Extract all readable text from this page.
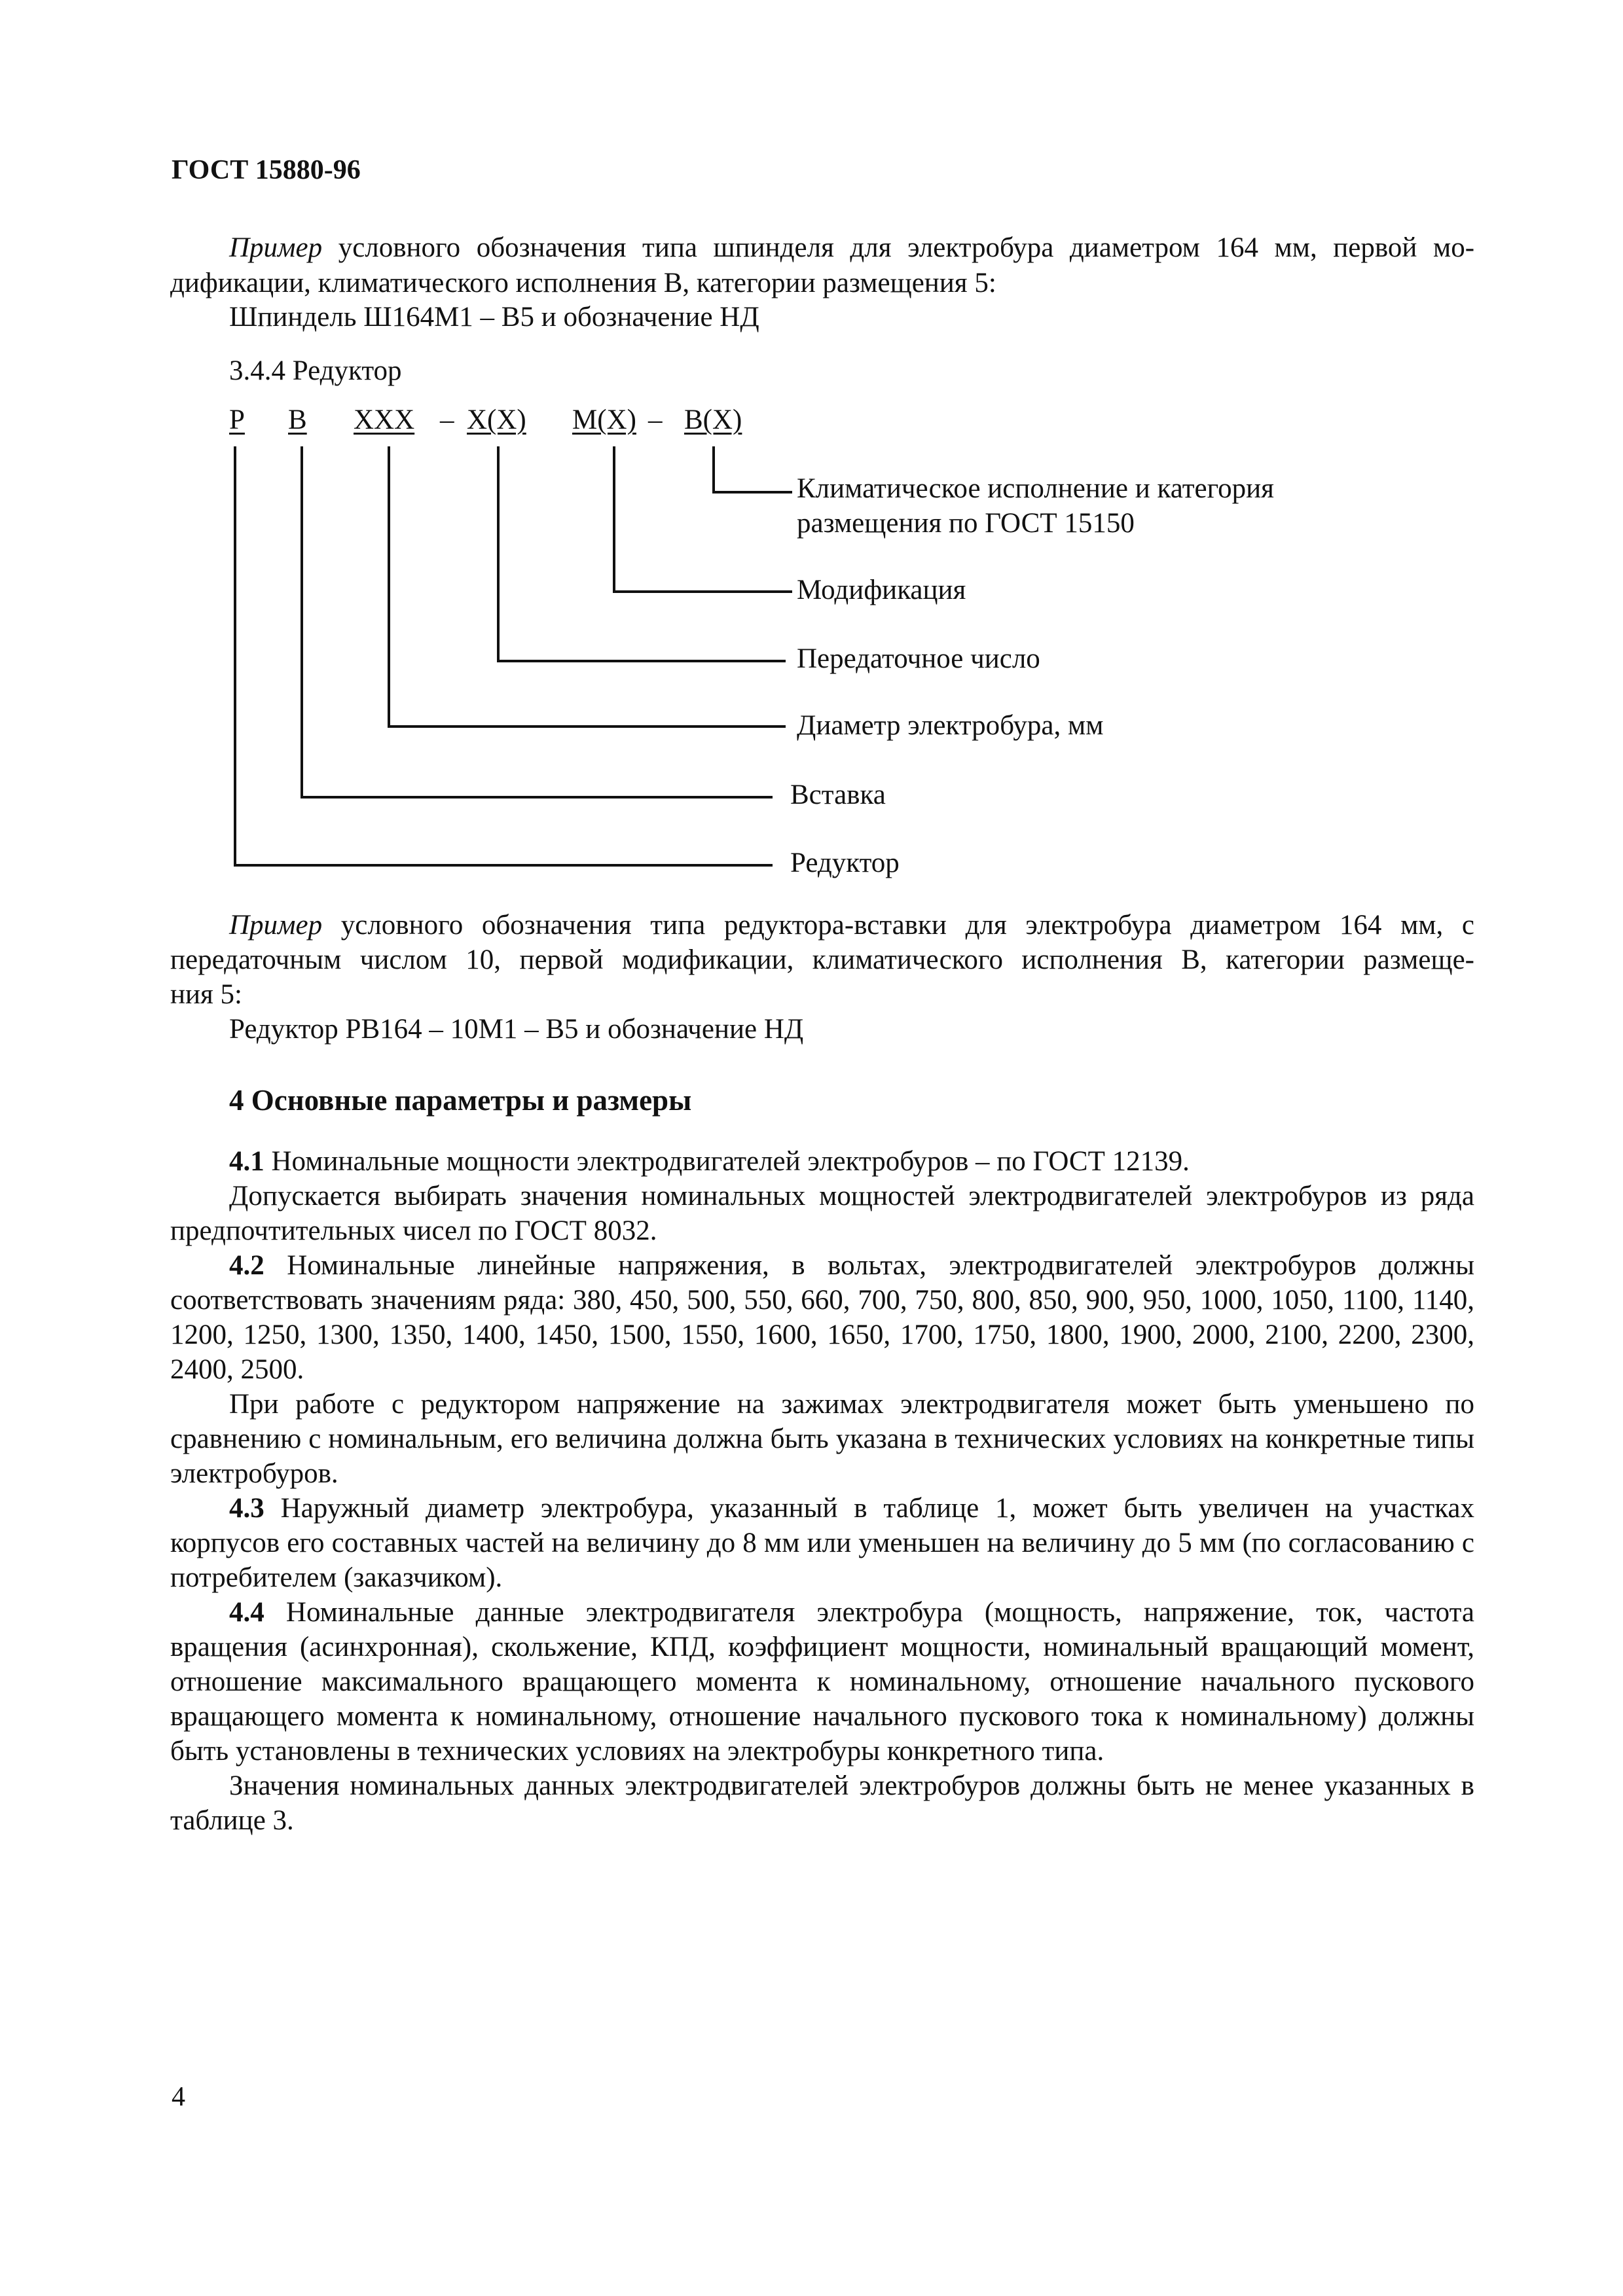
ГОСТ 15880-96
Пример условного обозначения типа шпинделя для электробура диаметром 164 мм, первой мо-
дификации, климатического исполнения В, категории размещения 5:
Шпиндель Ш164М1 – В5 и обозначение НД
3.4.4 Редуктор
Р В ХХХ – Х(Х) М(Х) – В(Х)
Климатическое исполнение и категория
размещения по ГОСТ 15150
Модификация
Передаточное число
Диаметр электробура, мм
Вставка
Редуктор
Пример условного обозначения типа редуктора-вставки для электробура диаметром 164 мм, с
передаточным числом 10, первой модификации, климатического исполнения В, категории размеще-
ния 5:
Редуктор РВ164 – 10М1 – В5 и обозначение НД
4 Основные параметры и размеры

4.1 Номинальные мощности электродвигателей электробуров – по ГОСТ 12139.

Допускается выбирать значения номинальных мощностей электродвигателей электробуров из ряда предпочтительных чисел по ГОСТ 8032.

4.2 Номинальные линейные напряжения, в вольтах, электродвигателей электробуров должны соответствовать значениям ряда: 380, 450, 500, 550, 660, 700, 750, 800, 850, 900, 950, 1000, 1050, 1100, 1140, 1200, 1250, 1300, 1350, 1400, 1450, 1500, 1550, 1600, 1650, 1700, 1750, 1800, 1900, 2000, 2100, 2200, 2300, 2400, 2500.

При работе с редуктором напряжение на зажимах электродвигателя может быть уменьшено по сравнению с номинальным, его величина должна быть указана в технических условиях на конкретные типы электробуров.

4.3 Наружный диаметр электробура, указанный в таблице 1, может быть увеличен на участках корпусов его составных частей на величину до 8 мм или уменьшен на величину до 5 мм (по согласованию с потребителем (заказчиком).

4.4 Номинальные данные электродвигателя электробура (мощность, напряжение, ток, частота вращения (асинхронная), скольжение, КПД, коэффициент мощности, номинальный вращающий момент, отношение максимального вращающего момента к номинальному, отношение начального пускового вращающего момента к номинальному, отношение начального пускового тока к номинальному) должны быть установлены в технических условиях на электробуры конкретного типа.

Значения номинальных данных электродвигателей электробуров должны быть не менее указанных в таблице 3.

4
